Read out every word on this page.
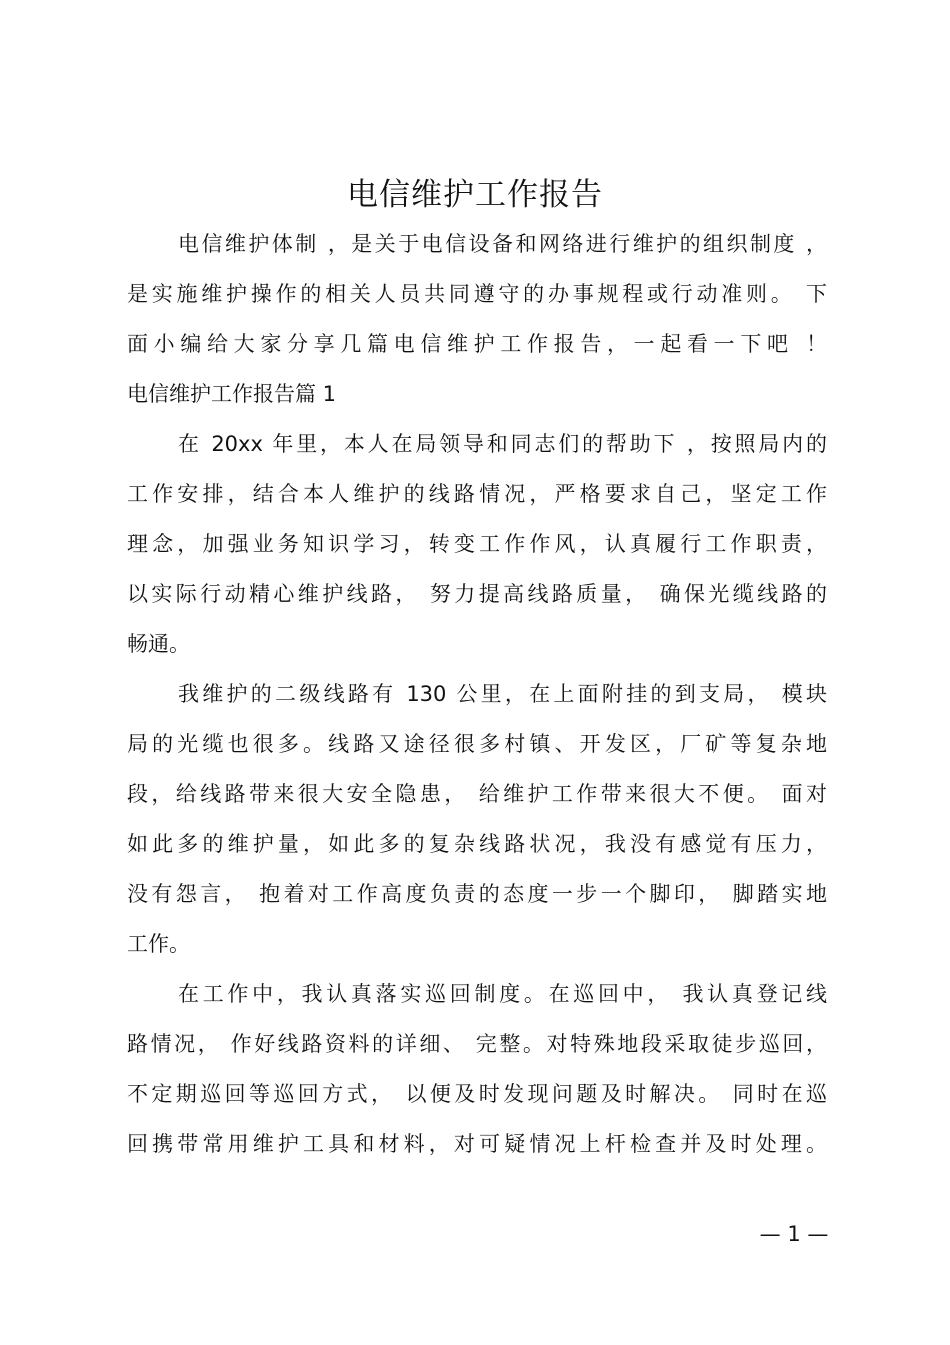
电信维护工作报告
电信维护体制 ，是关于电信设备和网络进行维护的组织制度 ，
是实施维护操作的相关人员共同遵守的办事规程或行动准则。 下
面小编给大家分享几篇电信维护工作报告，一起看一下吧 ！
电信维护工作报告篇 1
在 20xx 年里，本人在局领导和同志们的帮助下 ，按照局内的
工作安排，结合本人维护的线路情况，严格要求自己，坚定工作
理念，加强业务知识学习，转变工作作风，认真履行工作职责，
以实际行动精心维护线路， 努力提高线路质量， 确保光缆线路的
畅通。
我维护的二级线路有 130 公里，在上面附挂的到支局， 模块
局的光缆也很多。线路又途径很多村镇、开发区，厂矿等复杂地
段，给线路带来很大安全隐患， 给维护工作带来很大不便。 面对
如此多的维护量，如此多的复杂线路状况，我没有感觉有压力，
没有怨言， 抱着对工作高度负责的态度一步一个脚印， 脚踏实地
工作。
在工作中，我认真落实巡回制度。在巡回中， 我认真登记线
路情况， 作好线路资料的详细、 完整。对特殊地段采取徒步巡回，
不定期巡回等巡回方式， 以便及时发现问题及时解决。 同时在巡
回携带常用维护工具和材料，对可疑情况上杆检查并及时处理。
— 1 —
